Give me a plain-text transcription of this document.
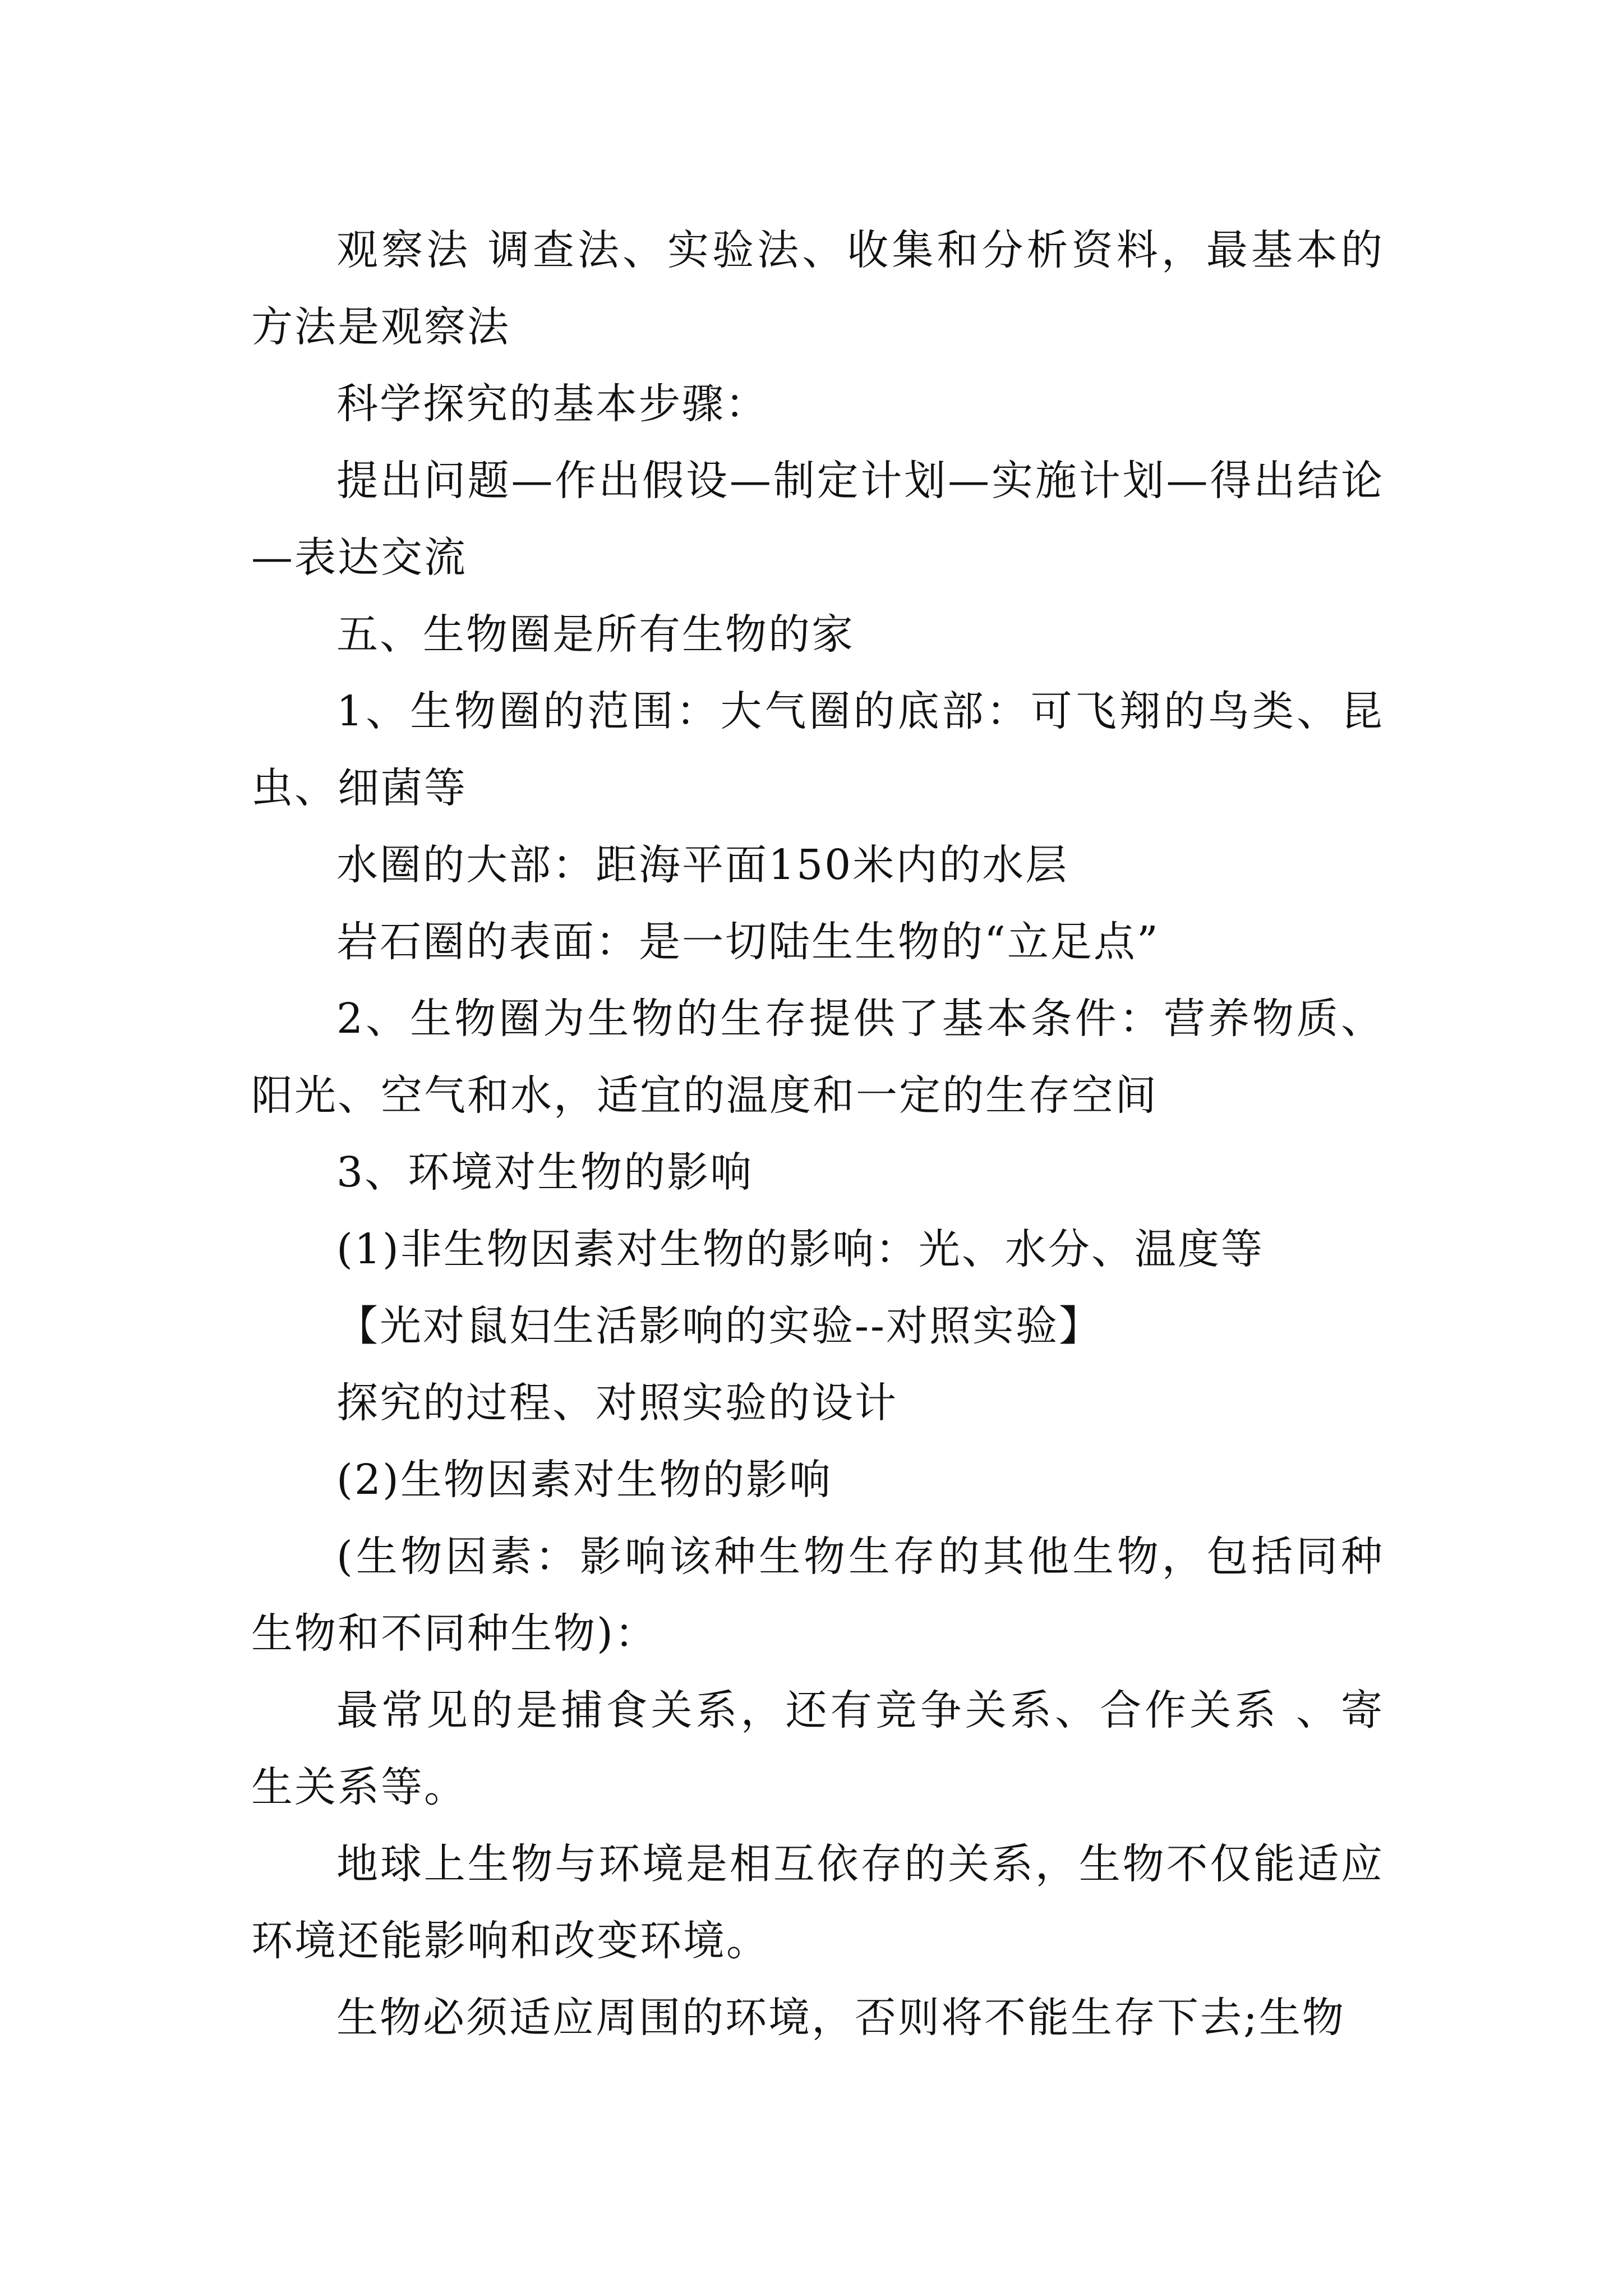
观察法 调查法、实验法、收集和分析资料，最基本的方法是观察法

科学探究的基本步骤：

提出问题—作出假设—制定计划—实施计划—得出结论—表达交流

五、生物圈是所有生物的家

1、生物圈的范围：大气圈的底部：可飞翔的鸟类、昆虫、细菌等

水圈的大部：距海平面150米内的水层

岩石圈的表面：是一切陆生生物的“立足点”

2、生物圈为生物的生存提供了基本条件：营养物质、阳光、空气和水，适宜的温度和一定的生存空间

3、环境对生物的影响

(1)非生物因素对生物的影响：光、水分、温度等

【光对鼠妇生活影响的实验--对照实验】

探究的过程、对照实验的设计

(2)生物因素对生物的影响

(生物因素：影响该种生物生存的其他生物，包括同种生物和不同种生物)：

最常见的是捕食关系，还有竞争关系、合作关系 、寄生关系等。

地球上生物与环境是相互依存的关系，生物不仅能适应环境还能影响和改变环境。

生物必须适应周围的环境，否则将不能生存下去;生物
